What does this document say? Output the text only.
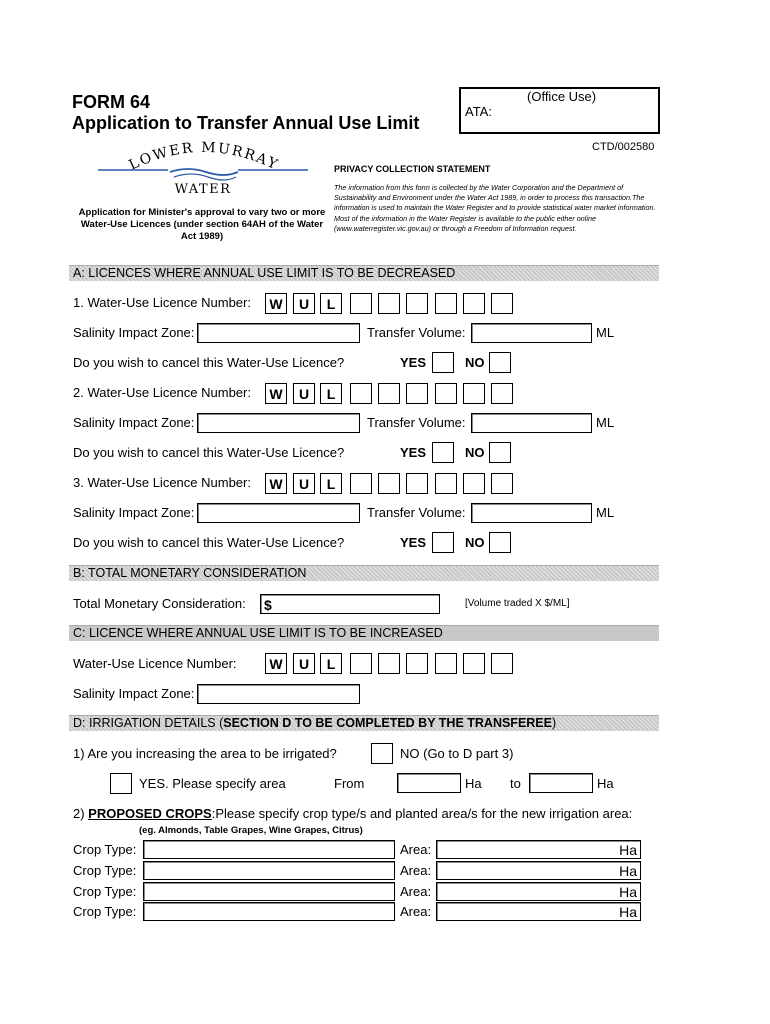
FORM 64
Application to Transfer Annual Use Limit
(Office Use)
ATA:
CTD/002580
LOWER MURRAY
WATER
Application for Minister's approval to vary two or more Water-Use Licences (under section 64AH of the Water Act 1989)
PRIVACY COLLECTION STATEMENT
The information from this form is collected by the Water Corporation and the Department of Sustainability and Environment under the Water Act 1989, in order to process this transaction.The information is used to maintain the Water Register and to provide statistical water market information. Most of the information in the Water Register is available to the public either online (www.waterregister.vic.gov.au) or through a Freedom of Information request.
A: LICENCES WHERE ANNUAL USE LIMIT IS TO BE DECREASED
1. Water-Use Licence Number:	W	U	L
Salinity Impact Zone:	Transfer Volume:	ML
Do you wish to cancel this Water-Use Licence?	YES	NO
2. Water-Use Licence Number:	W	U	L
Salinity Impact Zone:	Transfer Volume:	ML
Do you wish to cancel this Water-Use Licence?	YES	NO
3. Water-Use Licence Number:	W	U	L
Salinity Impact Zone:	Transfer Volume:	ML
Do you wish to cancel this Water-Use Licence?	YES	NO
B: TOTAL MONETARY CONSIDERATION
Total Monetary Consideration: $	[Volume traded X $/ML]
C: LICENCE WHERE ANNUAL USE LIMIT IS TO BE INCREASED
Water-Use Licence Number:	W	U	L
Salinity Impact Zone:
D: IRRIGATION DETAILS (SECTION D TO BE COMPLETED BY THE TRANSFEREE)
1) Are you increasing the area to be irrigated?	NO (Go to D part 3)
YES. Please specify area	From	Ha to	Ha
2) PROPOSED CROPS:Please specify crop type/s and planted area/s for the new irrigation area:
(eg. Almonds, Table Grapes, Wine Grapes, Citrus)
Crop Type:	Area:	Ha
Crop Type:	Area:	Ha
Crop Type:	Area:	Ha
Crop Type:	Area:	Ha
